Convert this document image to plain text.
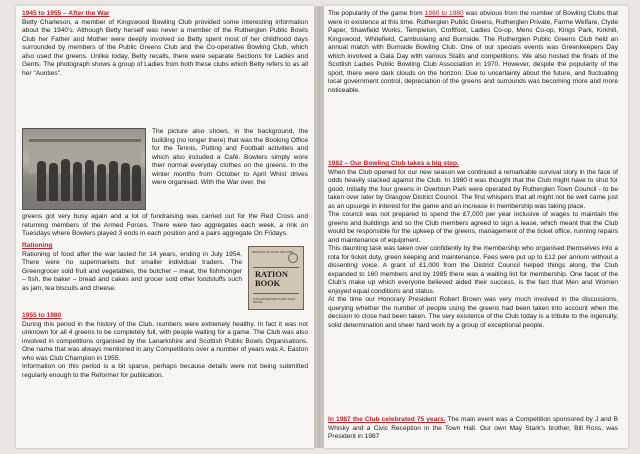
1945 to 1955 – After the War
Betty Charleson, a member of Kingswood Bowling Club provided some interesting information about the 1940's. Although Betty herself was never a member of the Rutherglen Public Bowls Club her Father and Mother were deeply involved so Betty spent most of her childhood days surrounded by members of the Public Greens Club and the Co-operative Bowling Club, which also used the greens. Unlike today, Betty recalls, there were separate Sections for Ladies and Gents. The photograph shows a group of Ladies from both these clubs which Betty refers to as all her "Aunties".
The picture also shows, in the background, the building (no longer there) that was the Booking Office for the Tennis, Putting and Football activities and which also included a Café. Bowlers simply wore their normal everyday clothes on the greens. In the winter months from October to April Whist drives were organised. With the War over, the
greens got very busy again and a lot of fundraising was carried out for the Red Cross and returning members of the Armed Forces. There were two aggregates each week, a rink on Tuesdays where Bowlers played 3 ends in each position and a pairs aggregate On Fridays.
Rationing
Rationing of food after the war lasted for 14 years, ending in July 1954. There were no supermarkets but smaller individual traders. The Greengrocer sold fruit and vegetables, the butcher – meat, the fishmonger – fish, the baker – bread and cakes and grocer sold other foodstuffs such as jam, tea biscuits and cheese.
MINISTRY OF FOOD 1953-1954
RATION BOOK
IF FOUND RETURN TO ANY FOOD OFFICE
1955 to 1980
During this period in the history of the Club, numbers were extremely healthy. In fact it was not unknown for all 4 greens to be completely full, with people waiting for a game. The Club was also involved in competitions organised by the Lanarkshire and Scottish Public Bowls Organisations. One name that was always mentioned in any Competitions over a number of years was A. Easton who was Club Champion in 1955.
Information on this period is a bit sparse, perhaps because details were not being submitted regularly enough to the Reformer for publication.
The popularity of the game from 1960 to 1980 was obvious from the number of Bowling Clubs that were in existence at this time. Rutherglen Public Greens, Rutherglen Private, Farme Welfare, Clyde Paper, Shawfield Works, Templeton, Croftfoot, Ladies Co-op, Mens Co-op, Kings Park, Kirkhill, Kingswood, Whitefield, Cambuslang and Burnside. The Rutherglen Public Greens Club held an annual match with Burnside Bowling Club. One of our specials events was Greenkeepers Day which involved a Gala Day with various Stalls and competitions. We also hosted the finals of the Scottish Ladies Public Bowling Club Association in 1970. However, despite the popularity of the sport, there were dark clouds on the horizon. Due to uncertainty about the future, and fluctuating local government control, depreciation of the greens and surrounds was becoming more and more noticeable.
1982 – Our Bowling Club takes a big step.
When the Club opened for our new season we continued a remarkable survival story in the face of odds heavily stacked against the Club. In 1980 it was thought that the Club might have to shut for good. Initially the four greens in Overtoun Park were operated by Rutherglen Town Council - to be taken over later by Glasgow District Council. The first whispers that all might not be well came just as an upsurge in interest for the game and an increase in membership was taking place.
The council was not prepared to spend the £7,000 per year inclusive of wages to maintain the greens and buildings and so the Club members agreed to sign a lease, which meant that the Club would be responsible for the upkeep of the greens, management of the ticket office, running repairs and maintenance of equipment.
This daunting task was taken over confidently by the membership who organised themselves into a rota for ticket duty, green keeping and maintenance. Fees were put up to £12 per annum without a dissenting voice. A grant of £1,000 from the District Council helped things along, the Club expanded to 160 members and by 1985 there was a waiting list for membership. One facet of the Club's make up which everyone believed aided their success, is the fact that Men and Women enjoyed equal conditions and status.
At the time our Honorary President Robert Brown was very much involved in the discussions, querying whether the number of people using the greens had been taken into account when the decision to close had been taken. The very existence of the Club today is a tribute to the ingenuity, solid determination and sheer hard work by a group of exceptional people.
In 1987 the Club celebrated 75 years. The main event was a Competition sponsored by J and B Whisky and a Civic Reception in the Town Hall. Our own May Stark's brother, Bill Ross, was President in 1987
